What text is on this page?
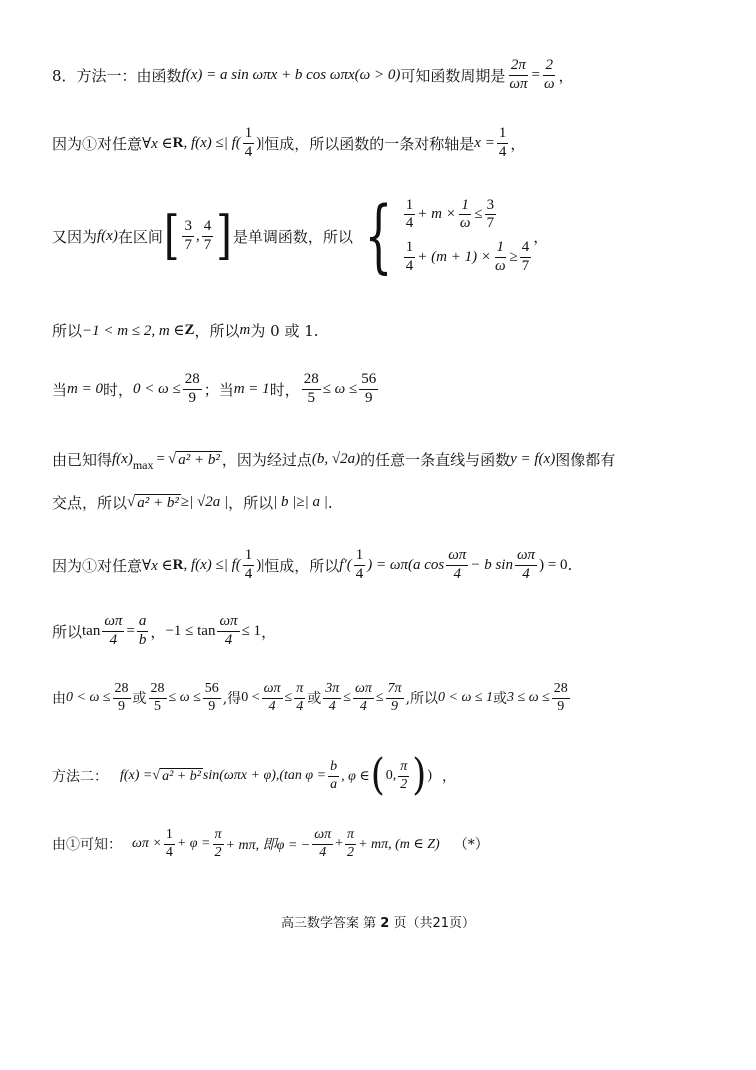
8．方法一：由函数 f(x) = a sin ωπx + b cos ωπx(ω > 0) 可知函数周期是 $\frac{2\pi}{\omega\pi} = \frac{2}{\omega}$ ，
因为①对任意 ∀x ∈ R , f(x) ≤| $f( \frac{1}{4}$ )| 恒成，所以函数的一条对称轴是 $x = \frac{1}{4}$ ，
又因为 f(x) 在区间 [ $\frac{3}{7}$ , $\frac{4}{7}$ ] 是单调函数，所以 { $\frac{1}{4} + m \times \frac{1}{\omega} \le \frac{3}{7}$
$\frac{1}{4} + (m + 1) \times \frac{1}{\omega} \ge \frac{4}{7}$
，
所以 −1 < m ≤ 2, m ∈ Z ，所以 m 为 0 或 1.
当 m = 0 时， $0 < \omega \le \frac{28}{9}$ ；当 m = 1 时， $\frac{28}{5} \le \omega \le \frac{56}{9}$
由已知得 f(x) max = √ a² + b² ，因为经过点 (b, √2a) 的任意一条直线与函数 y = f(x) 图像都有
交点，所以 √ a² + b² ≥| √2a | ，所以 | b |≥| a | .
因为①对任意 ∀x ∈ R , f(x) ≤| $f( \frac{1}{4}$ )| 恒成，所以 $f'( \frac{1}{4}$ ) = ωπ(a $\cos \frac{\omega\pi}{4} - b$ $\sin \frac{\omega\pi}{4}$ ) = 0 .
所以 $\tan \frac{\omega\pi}{4} = \frac{a}{b}$ ， $-1 \le \tan \frac{\omega\pi}{4} \le 1$ ，
由 $0 < \omega \le \frac{28}{9}$ 或 $\frac{28}{5} \le \omega \le \frac{56}{9}$ ,得 $0 < \frac{\omega\pi}{4} \le \frac{\pi}{4}$ 或 $\frac{3\pi}{4} \le \frac{\omega\pi}{4} \le \frac{7\pi}{9}$ ,所以 0 < ω ≤ 1 或 $3 \le \omega \le \frac{28}{9}$
方法二： f(x) = √ a² + b² sin(ωπx + φ),(tan $\varphi = \frac{b}{a}$ , φ ∈ ( 0, $\frac{\pi}{2}$ ) ) ，
由①可知： $\omega\pi \times \frac{1}{4} + \varphi = \frac{\pi}{2} + m\pi$, 即φ = − $\frac{\omega\pi}{4} + \frac{\pi}{2} + m\pi$, (m ∈ Z) （*）
高三数学答案 第 2 页（共21页）
